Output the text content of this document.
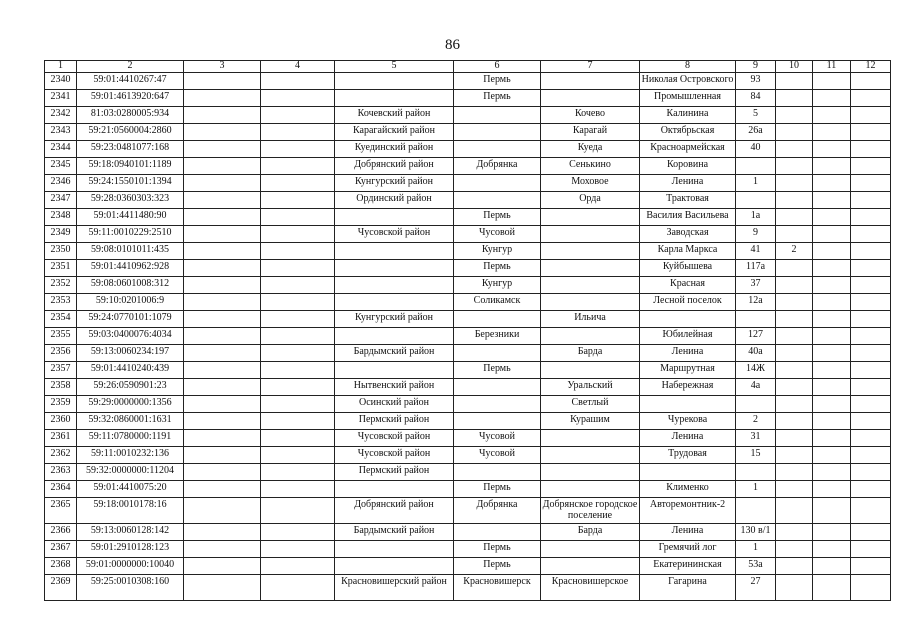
86
1	2	3	4	5	6	7	8	9	10	11	12
2340	59:01:4410267:47				Пермь		Николая Островского	93			
2341	59:01:4613920:647				Пермь		Промышленная	84			
2342	81:03:0280005:934			Кочевский район		Кочево	Калинина	5			
2343	59:21:0560004:2860			Карагайский район		Карагай	Октябрьская	26а			
2344	59:23:0481077:168			Куединский район		Куеда	Красноармейская	40			
2345	59:18:0940101:1189			Добрянский район	Добрянка	Сенькино	Коровина				
2346	59:24:1550101:1394			Кунгурский район		Моховое	Ленина	1			
2347	59:28:0360303:323			Ординский район		Орда	Трактовая				
2348	59:01:4411480:90				Пермь		Василия Васильева	1а			
2349	59:11:0010229:2510			Чусовской район	Чусовой		Заводская	9			
2350	59:08:0101011:435				Кунгур		Карла Маркса	41	2		
2351	59:01:4410962:928				Пермь		Куйбышева	117а			
2352	59:08:0601008:312				Кунгур		Красная	37			
2353	59:10:0201006:9				Соликамск		Лесной поселок	12а			
2354	59:24:0770101:1079			Кунгурский район		Ильича					
2355	59:03:0400076:4034				Березники		Юбилейная	127			
2356	59:13:0060234:197			Бардымский район		Барда	Ленина	40а			
2357	59:01:4410240:439				Пермь		Маршрутная	14Ж			
2358	59:26:0590901:23			Нытвенский район		Уральский	Набережная	4а			
2359	59:29:0000000:1356			Осинский район		Светлый					
2360	59:32:0860001:1631			Пермский район		Курашим	Чурекова	2			
2361	59:11:0780000:1191			Чусовской район	Чусовой		Ленина	31			
2362	59:11:0010232:136			Чусовской район	Чусовой		Трудовая	15			
2363	59:32:0000000:11204			Пермский район							
2364	59:01:4410075:20				Пермь		Клименко	1			
2365	59:18:0010178:16			Добрянский район	Добрянка	Добрянское городское поселение	Авторемонтник-2				
2366	59:13:0060128:142			Бардымский район		Барда	Ленина	130 в/1			
2367	59:01:2910128:123				Пермь		Гремячий лог	1			
2368	59:01:0000000:10040				Пермь		Екатерининская	53а			
2369	59:25:0010308:160			Красновишерский район	Красновишерск	Красновишерское	Гагарина	27			
